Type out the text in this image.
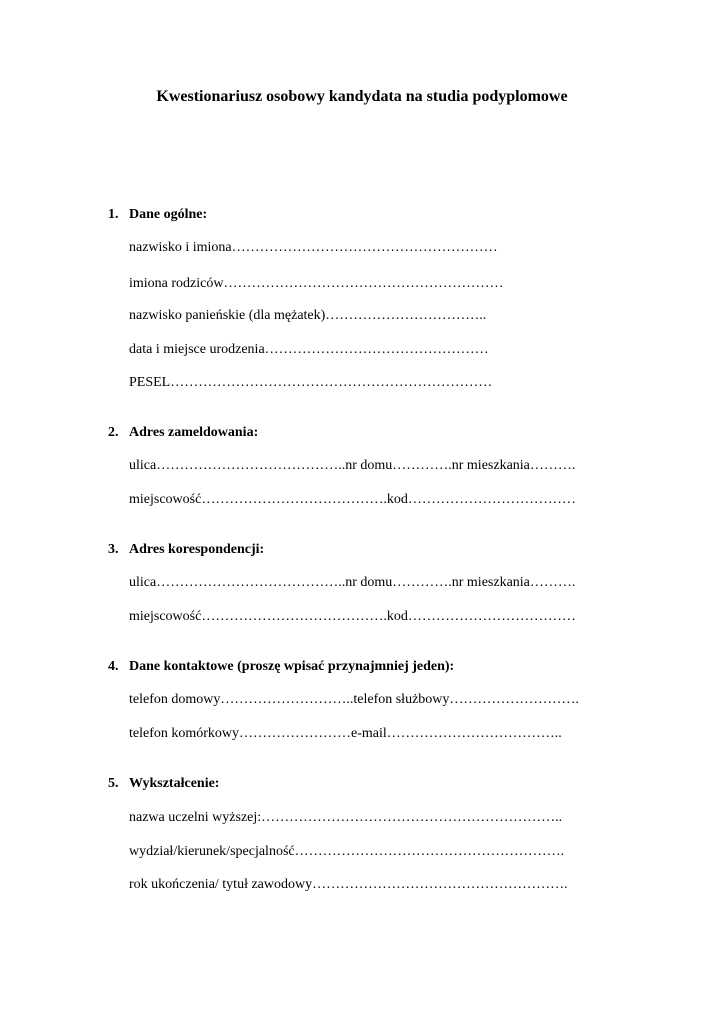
Kwestionariusz osobowy kandydata na studia podyplomowe
1. Dane ogólne:
nazwisko i imiona…………………………………………………
imiona rodziców……………………………………………………
nazwisko panieńskie (dla mężatek)……………………………..
data i miejsce urodzenia…………………………………………
PESEL……………………………………………………………
2. Adres zameldowania:
ulica…………………………………..nr domu………….nr mieszkania……….
miejscowość………………………………….kod………………………………
3. Adres korespondencji:
ulica…………………………………..nr domu………….nr mieszkania……….
miejscowość………………………………….kod………………………………
4. Dane kontaktowe (proszę wpisać przynajmniej jeden):
telefon domowy………………………..telefon służbowy……………………….
telefon komórkowy……………………e-mail………………………………..
5. Wykształcenie:
nazwa uczelni wyższej:………………………………………………………..
wydział/kierunek/specjalność………………………………………………….
rok ukończenia/ tytuł zawodowy……………………………………………….
